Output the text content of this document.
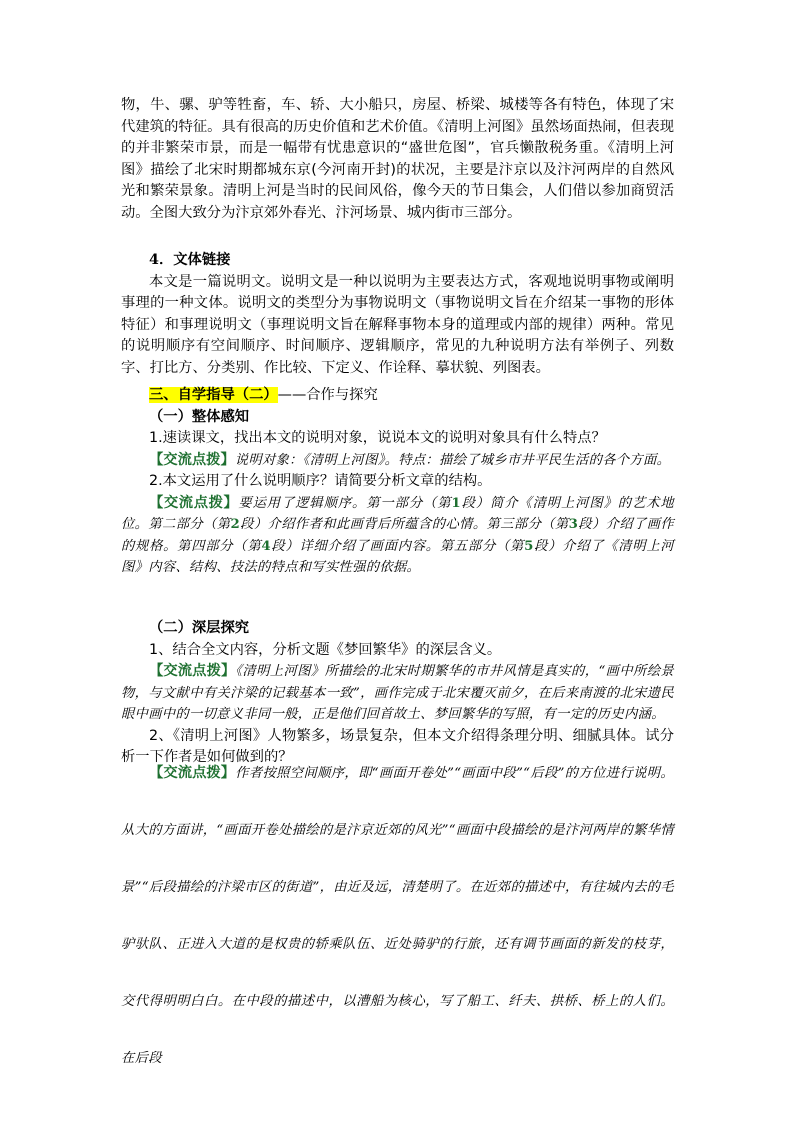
物，牛、骡、驴等牲畜，车、轿、大小船只，房屋、桥梁、城楼等各有特色，体现了宋代建筑的特征。具有很高的历史价值和艺术价值。《清明上河图》虽然场面热闹，但表现的并非繁荣市景，而是一幅带有忧患意识的“盛世危图”，官兵懒散税务重。《清明上河图》描绘了北宋时期都城东京(今河南开封)的状况，主要是汴京以及汴河两岸的自然风光和繁荣景象。清明上河是当时的民间风俗，像今天的节日集会，人们借以参加商贸活动。全图大致分为汴京郊外春光、汴河场景、城内街市三部分。

4．文体链接

本文是一篇说明文。说明文是一种以说明为主要表达方式，客观地说明事物或阐明事理的一种文体。说明文的类型分为事物说明文（事物说明文旨在介绍某一事物的形体特征）和事理说明文（事理说明文旨在解释事物本身的道理或内部的规律）两种。常见的说明顺序有空间顺序、时间顺序、逻辑顺序，常见的九种说明方法有举例子、列数字、打比方、分类别、作比较、下定义、作诠释、摹状貌、列图表。

三、自学指导（二）——合作与探究

（一）整体感知

1.速读课文，找出本文的说明对象，说说本文的说明对象具有什么特点？

【交流点拨】说明对象：《清明上河图》。特点：描绘了城乡市井平民生活的各个方面。

2.本文运用了什么说明顺序？请简要分析文章的结构。

【交流点拨】要运用了逻辑顺序。第一部分（第1段）简介《清明上河图》的艺术地位。第二部分（第2段）介绍作者和此画背后所蕴含的心情。第三部分（第3段）介绍了画作的规格。第四部分（第4段）详细介绍了画面内容。第五部分（第5段）介绍了《清明上河图》内容、结构、技法的特点和写实性强的依据。

（二）深层探究

1、结合全文内容，分析文题《梦回繁华》的深层含义。

【交流点拨】《清明上河图》所描绘的北宋时期繁华的市井风情是真实的，“画中所绘景物，与文献中有关汴梁的记载基本一致”，画作完成于北宋覆灭前夕，在后来南渡的北宋遗民眼中画中的一切意义非同一般，正是他们回首故土、梦回繁华的写照，有一定的历史内涵。

2、《清明上河图》人物繁多，场景复杂，但本文介绍得条理分明、细腻具体。试分析一下作者是如何做到的？

【交流点拨】作者按照空间顺序，即“画面开卷处”“画面中段”“后段”的方位进行说明。从大的方面讲，“画面开卷处描绘的是汴京近郊的风光”“画面中段描绘的是汴河两岸的繁华情景”“后段描绘的汴梁市区的街道”，由近及远，清楚明了。在近郊的描述中，有往城内去的毛驴驮队、正进入大道的是权贵的轿乘队伍、近处骑驴的行旅，还有调节画面的新发的枝芽，交代得明明白白。在中段的描述中，以漕船为核心，写了船工、纤夫、拱桥、桥上的人们。在后段
